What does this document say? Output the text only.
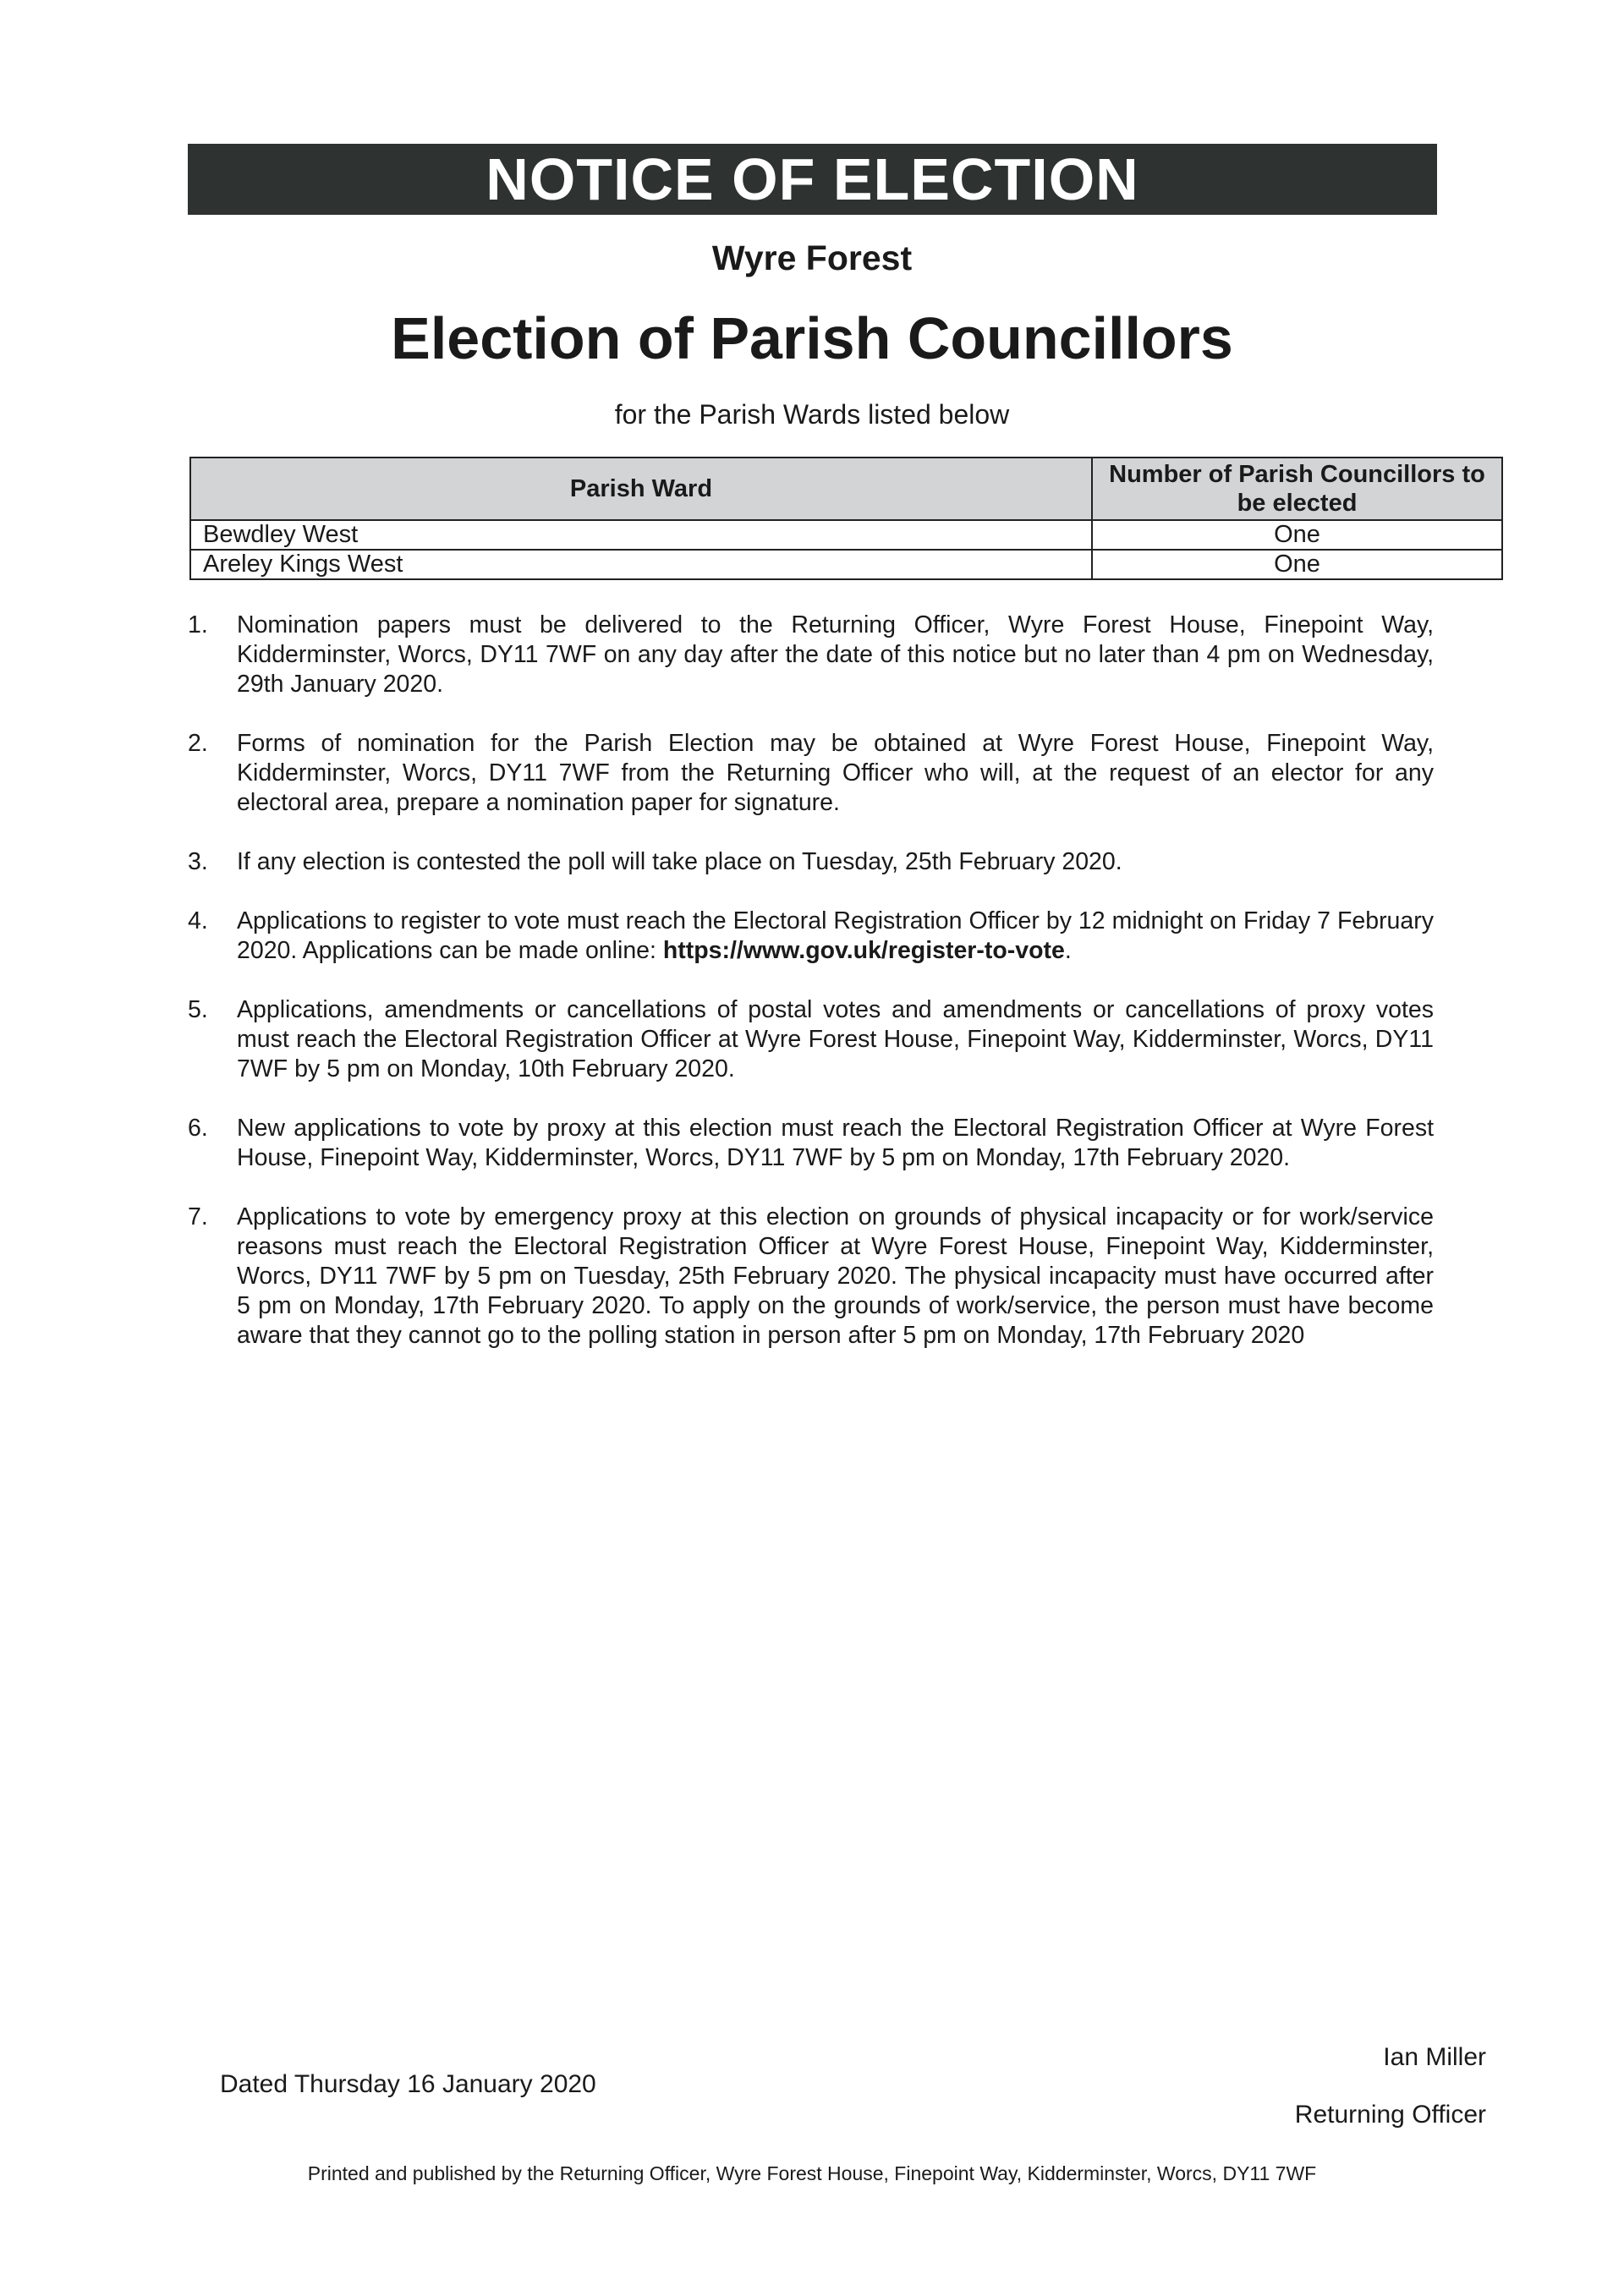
NOTICE OF ELECTION
Wyre Forest
Election of Parish Councillors
for the Parish Wards listed below
Parish Ward	Number of Parish Councillors to be elected
Bewdley West	One
Areley Kings West	One
1.	Nomination papers must be delivered to the Returning Officer, Wyre Forest House, Finepoint Way, Kidderminster, Worcs, DY11 7WF on any day after the date of this notice but no later than 4 pm on Wednesday, 29th January 2020.
2.	Forms of nomination for the Parish Election may be obtained at Wyre Forest House, Finepoint Way, Kidderminster, Worcs, DY11 7WF from the Returning Officer who will, at the request of an elector for any electoral area, prepare a nomination paper for signature.
3.	If any election is contested the poll will take place on Tuesday, 25th February 2020.
4.	Applications to register to vote must reach the Electoral Registration Officer by 12 midnight on Friday 7 February 2020. Applications can be made online: https://www.gov.uk/register-to-vote.
5.	Applications, amendments or cancellations of postal votes and amendments or cancellations of proxy votes must reach the Electoral Registration Officer at Wyre Forest House, Finepoint Way, Kidderminster, Worcs, DY11 7WF by 5 pm on Monday, 10th February 2020.
6.	New applications to vote by proxy at this election must reach the Electoral Registration Officer at Wyre Forest House, Finepoint Way, Kidderminster, Worcs, DY11 7WF by 5 pm on Monday, 17th February 2020.
7.	Applications to vote by emergency proxy at this election on grounds of physical incapacity or for work/service reasons must reach the Electoral Registration Officer at Wyre Forest House, Finepoint Way, Kidderminster, Worcs, DY11 7WF by 5 pm on Tuesday, 25th February 2020. The physical incapacity must have occurred after 5 pm on Monday, 17th February 2020. To apply on the grounds of work/service, the person must have become aware that they cannot go to the polling station in person after 5 pm on Monday, 17th February 2020
Dated Thursday 16 January 2020
Ian Miller
Returning Officer
Printed and published by the Returning Officer, Wyre Forest House, Finepoint Way, Kidderminster, Worcs, DY11 7WF
